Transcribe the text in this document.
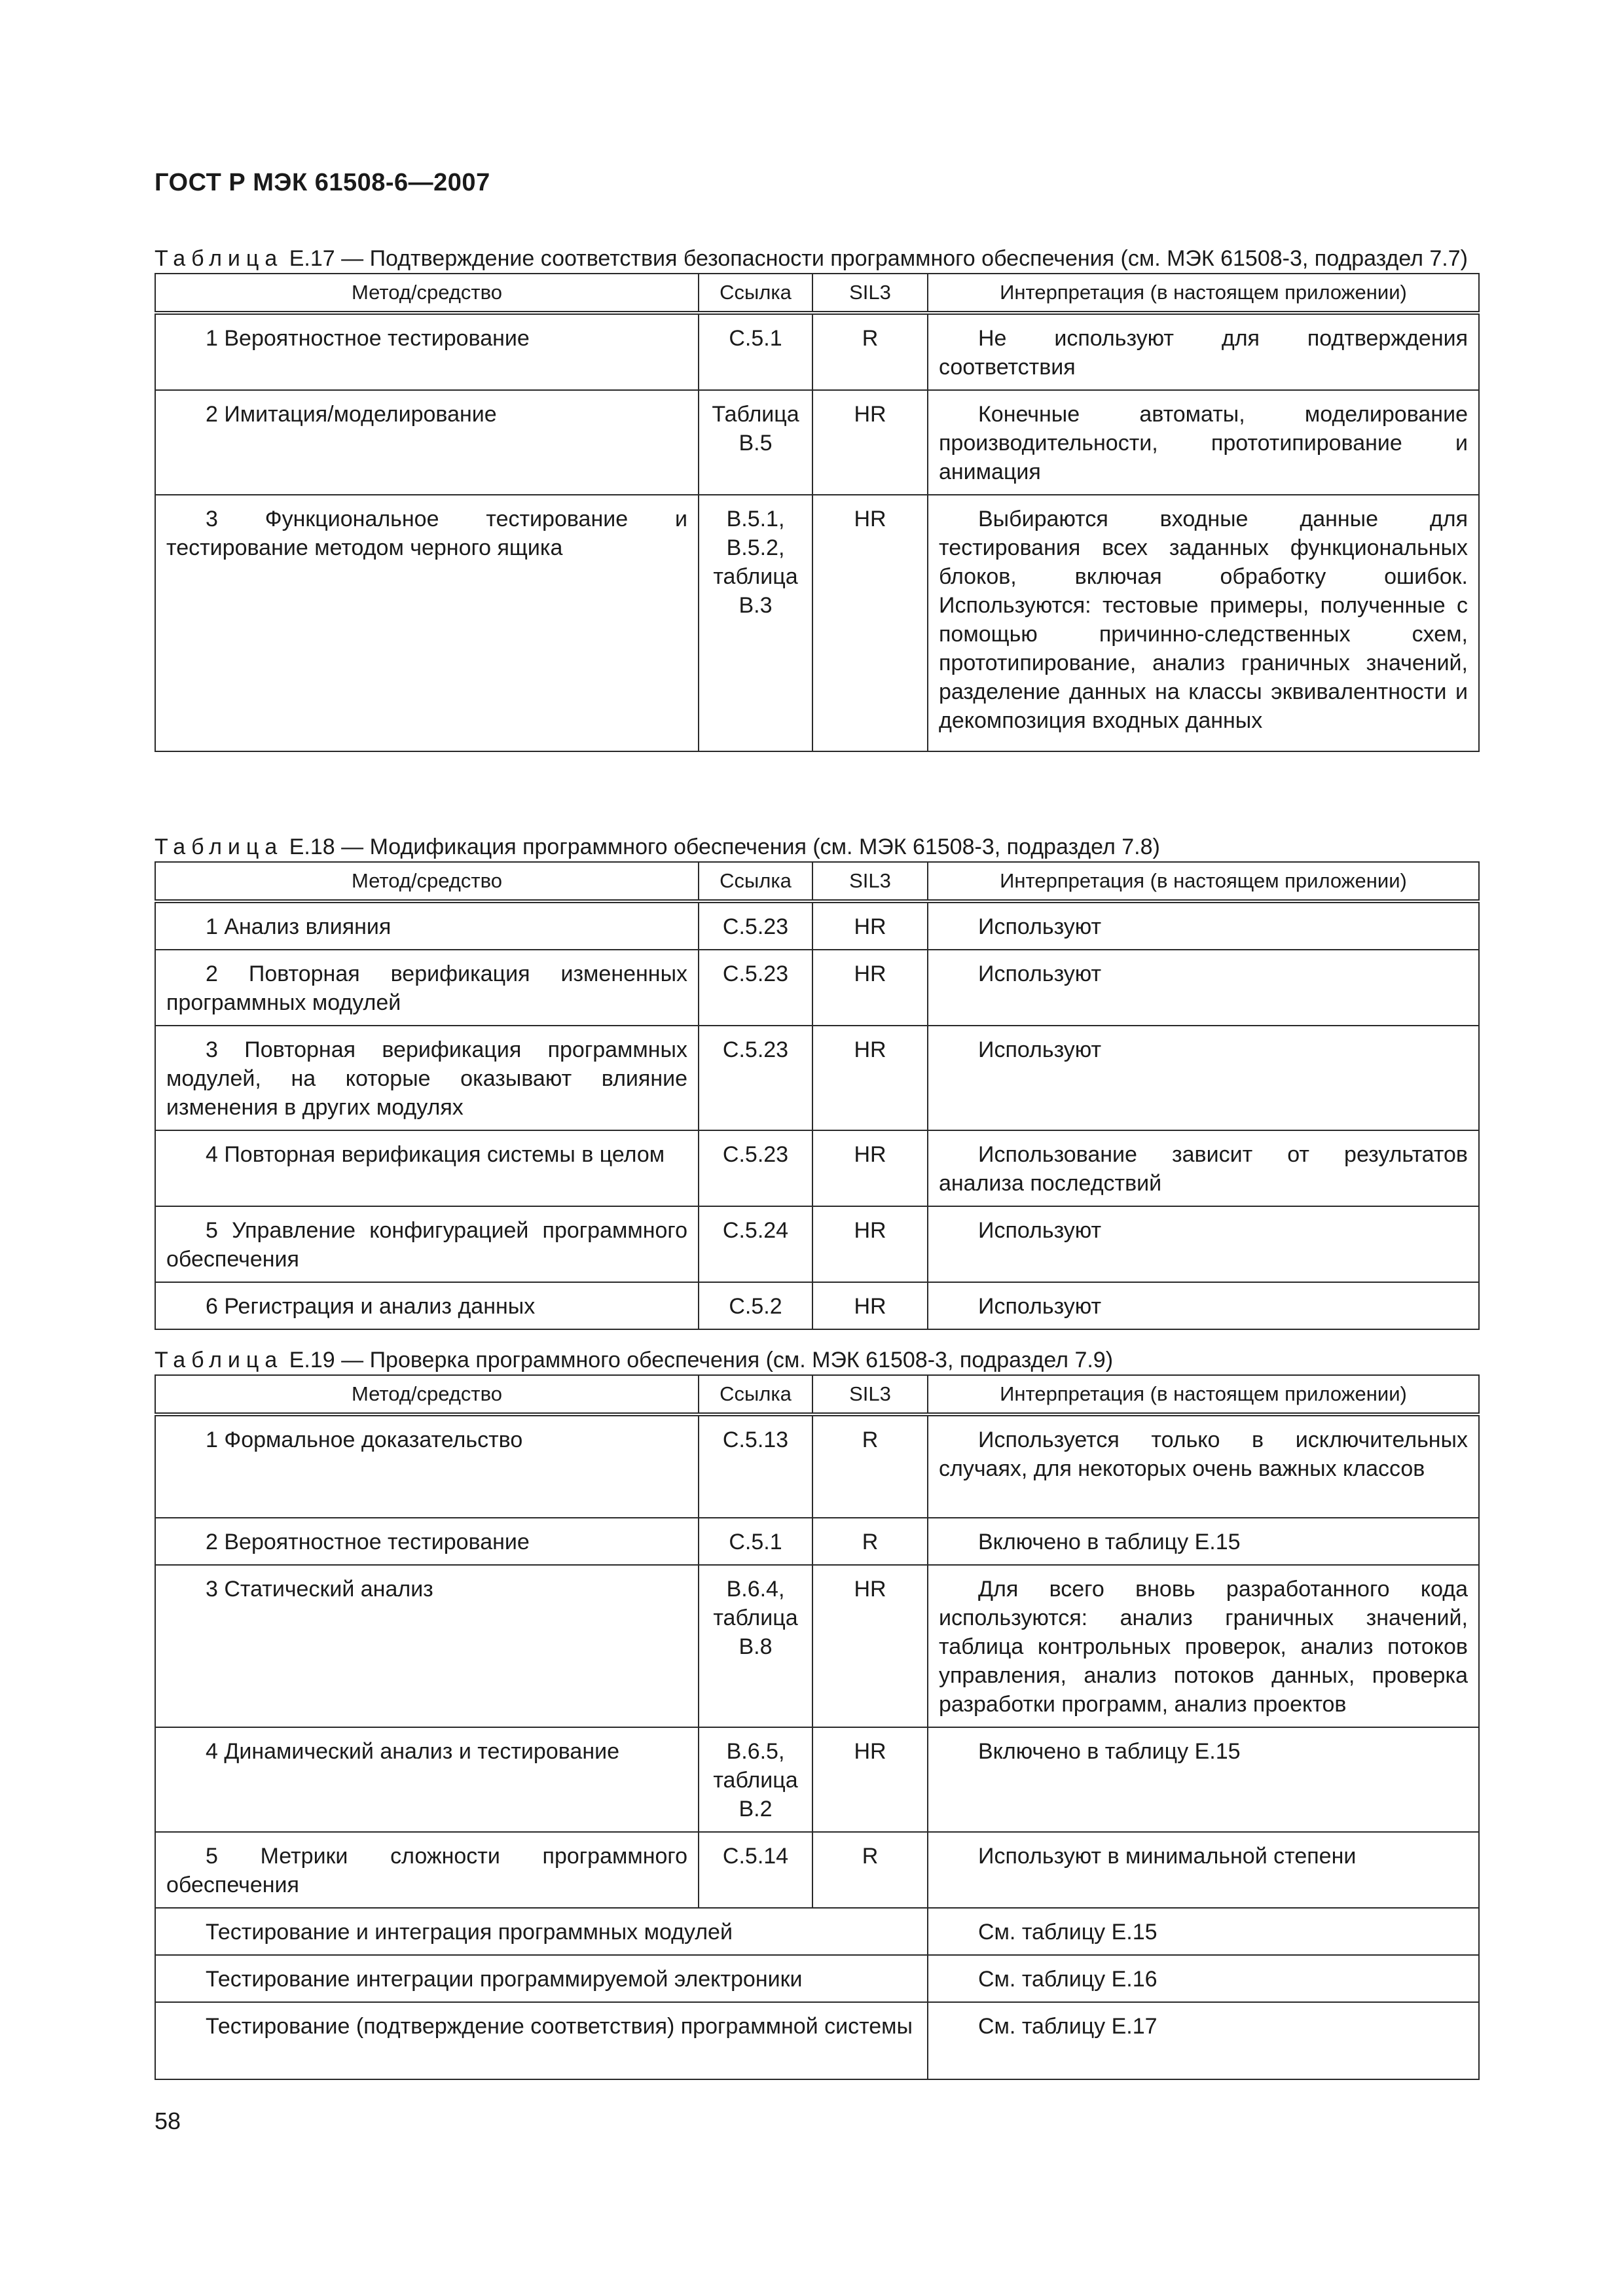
ГОСТ Р МЭК 61508-6—2007
Таблица Е.17 — Подтверждение соответствия безопасности программного обеспечения (см. МЭК 61508-3, подраздел 7.7)
Метод/средство	Ссылка	SIL3	Интерпретация (в настоящем приложении)
1 Вероятностное тестирование	С.5.1	R	Не используют для подтверждения соответствия
2 Имитация/моделирование	Таблица В.5	HR	Конечные автоматы, моделирование производительности, прототипирование и анимация
3 Функциональное тестирование и тестирование методом черного ящика	В.5.1, В.5.2, таблица В.3	HR	Выбираются входные данные для тестирования всех заданных функциональных блоков, включая обработку ошибок. Используются: тестовые примеры, полученные с помощью причинно-следственных схем, прототипирование, анализ граничных значений, разделение данных на классы эквивалентности и декомпозиция входных данных
Таблица Е.18 — Модификация программного обеспечения (см. МЭК 61508-3, подраздел 7.8)
Метод/средство	Ссылка	SIL3	Интерпретация (в настоящем приложении)
1 Анализ влияния	С.5.23	HR	Используют
2 Повторная верификация измененных программных модулей	С.5.23	HR	Используют
3 Повторная верификация программных модулей, на которые оказывают влияние изменения в других модулях	С.5.23	HR	Используют
4 Повторная верификация системы в целом	С.5.23	HR	Использование зависит от результатов анализа последствий
5 Управление конфигурацией программного обеспечения	С.5.24	HR	Используют
6 Регистрация и анализ данных	С.5.2	HR	Используют
Таблица Е.19 — Проверка программного обеспечения (см. МЭК 61508-3, подраздел 7.9)
Метод/средство	Ссылка	SIL3	Интерпретация (в настоящем приложении)
1 Формальное доказательство	С.5.13	R	Используется только в исключительных случаях, для некоторых очень важных классов
2 Вероятностное тестирование	С.5.1	R	Включено в таблицу Е.15
3 Статический анализ	В.6.4, таблица В.8	HR	Для всего вновь разработанного кода используются: анализ граничных значений, таблица контрольных проверок, анализ потоков управления, анализ потоков данных, проверка разработки программ, анализ проектов
4 Динамический анализ и тестирование	В.6.5, таблица В.2	HR	Включено в таблицу Е.15
5 Метрики сложности программного обеспечения	С.5.14	R	Используют в минимальной степени
Тестирование и интеграция программных модулей			См. таблицу Е.15
Тестирование интеграции программируемой электроники			См. таблицу Е.16
Тестирование (подтверждение соответствия) программной системы			См. таблицу Е.17
58
